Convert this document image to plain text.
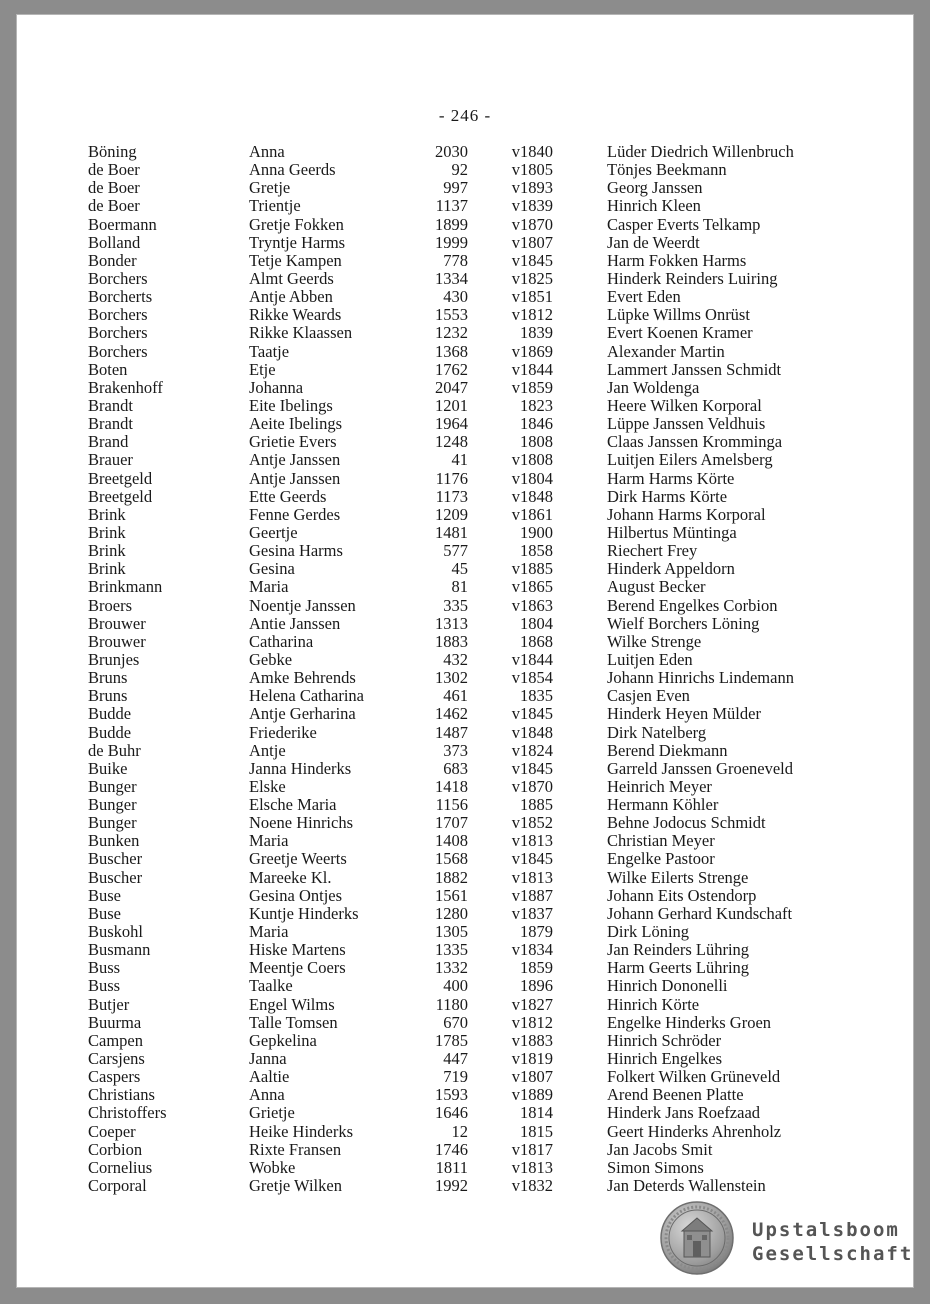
- 246 -
Böning	Anna	2030	v1840	Lüder Diedrich Willenbruch
de Boer	Anna Geerds	92	v1805	Tönjes Beekmann
de Boer	Gretje	997	v1893	Georg Janssen
de Boer	Trientje	1137	v1839	Hinrich Kleen
Boermann	Gretje Fokken	1899	v1870	Casper Everts Telkamp
Bolland	Tryntje Harms	1999	v1807	Jan de Weerdt
Bonder	Tetje Kampen	778	v1845	Harm Fokken Harms
Borchers	Almt Geerds	1334	v1825	Hinderk Reinders Luiring
Borcherts	Antje Abben	430	v1851	Evert Eden
Borchers	Rikke Weards	1553	v1812	Lüpke Willms Onrüst
Borchers	Rikke Klaassen	1232	1839	Evert Koenen Kramer
Borchers	Taatje	1368	v1869	Alexander Martin
Boten	Etje	1762	v1844	Lammert Janssen Schmidt
Brakenhoff	Johanna	2047	v1859	Jan Woldenga
Brandt	Eite Ibelings	1201	1823	Heere Wilken Korporal
Brandt	Aeite Ibelings	1964	1846	Lüppe Janssen Veldhuis
Brand	Grietie Evers	1248	1808	Claas Janssen Kromminga
Brauer	Antje Janssen	41	v1808	Luitjen Eilers Amelsberg
Breetgeld	Antje Janssen	1176	v1804	Harm Harms Körte
Breetgeld	Ette Geerds	1173	v1848	Dirk Harms Körte
Brink	Fenne Gerdes	1209	v1861	Johann Harms Korporal
Brink	Geertje	1481	1900	Hilbertus Müntinga
Brink	Gesina Harms	577	1858	Riechert Frey
Brink	Gesina	45	v1885	Hinderk Appeldorn
Brinkmann	Maria	81	v1865	August Becker
Broers	Noentje Janssen	335	v1863	Berend Engelkes Corbion
Brouwer	Antie Janssen	1313	1804	Wielf Borchers Löning
Brouwer	Catharina	1883	1868	Wilke Strenge
Brunjes	Gebke	432	v1844	Luitjen Eden
Bruns	Amke Behrends	1302	v1854	Johann Hinrichs Lindemann
Bruns	Helena Catharina	461	1835	Casjen Even
Budde	Antje Gerharina	1462	v1845	Hinderk Heyen Mülder
Budde	Friederike	1487	v1848	Dirk Natelberg
de Buhr	Antje	373	v1824	Berend Diekmann
Buike	Janna Hinderks	683	v1845	Garreld Janssen Groeneveld
Bunger	Elske	1418	v1870	Heinrich Meyer
Bunger	Elsche Maria	1156	1885	Hermann Köhler
Bunger	Noene Hinrichs	1707	v1852	Behne Jodocus Schmidt
Bunken	Maria	1408	v1813	Christian Meyer
Buscher	Greetje Weerts	1568	v1845	Engelke Pastoor
Buscher	Mareeke Kl.	1882	v1813	Wilke Eilerts Strenge
Buse	Gesina Ontjes	1561	v1887	Johann Eits Ostendorp
Buse	Kuntje Hinderks	1280	v1837	Johann Gerhard Kundschaft
Buskohl	Maria	1305	1879	Dirk Löning
Busmann	Hiske Martens	1335	v1834	Jan Reinders Lühring
Buss	Meentje Coers	1332	1859	Harm Geerts Lühring
Buss	Taalke	400	1896	Hinrich Dononelli
Butjer	Engel Wilms	1180	v1827	Hinrich Körte
Buurma	Talle Tomsen	670	v1812	Engelke Hinderks Groen
Campen	Gepkelina	1785	v1883	Hinrich Schröder
Carsjens	Janna	447	v1819	Hinrich Engelkes
Caspers	Aaltie	719	v1807	Folkert Wilken Grüneveld
Christians	Anna	1593	v1889	Arend Beenen Platte
Christoffers	Grietje	1646	1814	Hinderk Jans Roefzaad
Coeper	Heike Hinderks	12	1815	Geert Hinderks Ahrenholz
Corbion	Rixte Fransen	1746	v1817	Jan Jacobs Smit
Cornelius	Wobke	1811	v1813	Simon Simons
Corporal	Gretje Wilken	1992	v1832	Jan Deterds Wallenstein
Upstalsboom
Gesellschaft
